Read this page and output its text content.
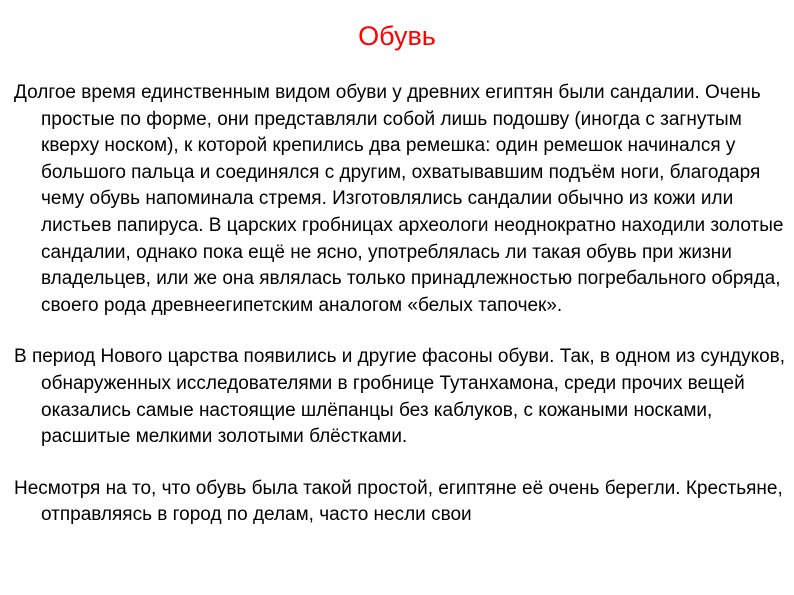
Обувь

Долгое время единственным видом обуви у древних египтян были сандалии. Очень простые по форме, они представляли собой лишь подошву (иногда с загнутым кверху носком), к которой крепились два ремешка: один ремешок начинался у большого пальца и соединялся с другим, охватывавшим подъём ноги, благодаря чему обувь напоминала стремя. Изготовлялись сандалии обычно из кожи или листьев папируса. В царских гробницах археологи неоднократно находили золотые сандалии, однако пока ещё не ясно, употреблялась ли такая обувь при жизни владельцев, или же она являлась только принадлежностью погребального обряда, своего рода древнеегипетским аналогом «белых тапочек».

В период Нового царства появились и другие фасоны обуви. Так, в одном из сундуков, обнаруженных исследователями в гробнице Тутанхамона, среди прочих вещей оказались самые настоящие шлёпанцы без каблуков, с кожаными носками, расшитые мелкими золотыми блёстками.

Несмотря на то, что обувь была такой простой, египтяне её очень берегли. Крестьяне, отправляясь в город по делам, часто несли свои
